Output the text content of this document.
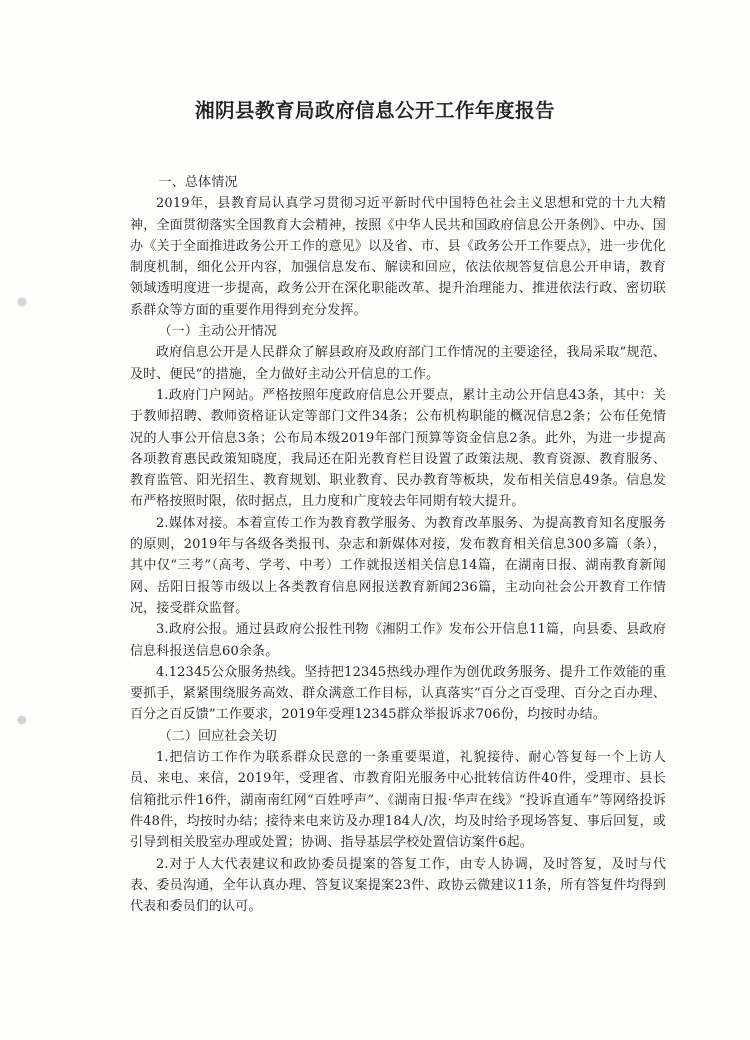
湘阴县教育局政府信息公开工作年度报告

一、总体情况

2019年，县教育局认真学习贯彻习近平新时代中国特色社会主义思想和党的十九大精神，全面贯彻落实全国教育大会精神，按照《中华人民共和国政府信息公开条例》、中办、国办《关于全面推进政务公开工作的意见》以及省、市、县《政务公开工作要点》，进一步优化制度机制，细化公开内容，加强信息发布、解读和回应，依法依规答复信息公开申请，教育领域透明度进一步提高，政务公开在深化职能改革、提升治理能力、推进依法行政、密切联系群众等方面的重要作用得到充分发挥。

（一）主动公开情况

政府信息公开是人民群众了解县政府及政府部门工作情况的主要途径，我局采取“规范、及时、便民”的措施，全力做好主动公开信息的工作。

1.政府门户网站。严格按照年度政府信息公开要点，累计主动公开信息43条，其中：关于教师招聘、教师资格证认定等部门文件34条；公布机构职能的概况信息2条；公布任免情况的人事公开信息3条；公布局本级2019年部门预算等资金信息2条。此外，为进一步提高各项教育惠民政策知晓度，我局还在阳光教育栏目设置了政策法规、教育资源、教育服务、教育监管、阳光招生、教育规划、职业教育、民办教育等板块，发布相关信息49条。信息发布严格按照时限，依时据点，且力度和广度较去年同期有较大提升。

2.媒体对接。本着宣传工作为教育教学服务、为教育改革服务、为提高教育知名度服务的原则，2019年与各级各类报刊、杂志和新媒体对接，发布教育相关信息300多篇（条），其中仅“三考”（高考、学考、中考）工作就报送相关信息14篇，在湖南日报、湖南教育新闻网、岳阳日报等市级以上各类教育信息网报送教育新闻236篇，主动向社会公开教育工作情况，接受群众监督。

3.政府公报。通过县政府公报性刊物《湘阴工作》发布公开信息11篇，向县委、县政府信息科报送信息60余条。

4.12345公众服务热线。坚持把12345热线办理作为创优政务服务、提升工作效能的重要抓手，紧紧围绕服务高效、群众满意工作目标，认真落实“百分之百受理、百分之百办理、百分之百反馈”工作要求，2019年受理12345群众举报诉求706份，均按时办结。

（二）回应社会关切

1.把信访工作作为联系群众民意的一条重要渠道，礼貌接待、耐心答复每一个上访人员、来电、来信，2019年，受理省、市教育阳光服务中心批转信访件40件，受理市、县长信箱批示件16件，湖南南红网“百姓呼声”、《湖南日报·华声在线》“投诉直通车”等网络投诉件48件，均按时办结；接待来电来访及办理184人/次，均及时给予现场答复、事后回复，或引导到相关股室办理或处置；协调、指导基层学校处置信访案件6起。

2.对于人大代表建议和政协委员提案的答复工作，由专人协调，及时答复，及时与代表、委员沟通，全年认真办理、答复议案提案23件、政协云微建议11条，所有答复件均得到代表和委员们的认可。
